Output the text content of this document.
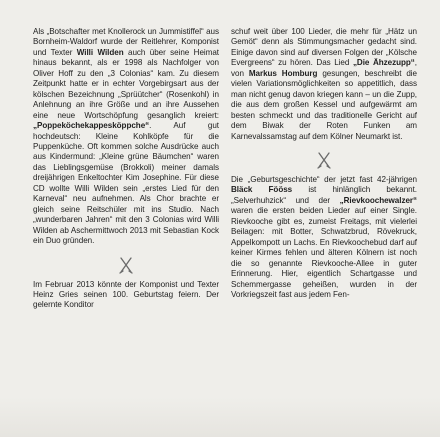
Als „Botschafter met Knollerock un Jummistiffel“ aus Bornheim-Waldorf wurde der Reitlehrer, Komponist und Texter Willi Wilden auch über seine Heimat hinaus bekannt, als er 1998 als Nachfolger von Oliver Hoff zu den „3 Colonias“ kam. Zu diesem Zeitpunkt hatte er in echter Vorgebirgsart aus der kölschen Bezeichnung „Sprüütcher“ (Rosenkohl) in Anlehnung an ihre Größe und an ihre Aussehen eine neue Wortschöpfung gesanglich kreiert: „Poppeköchekappesköppche“. Auf gut hochdeutsch: Kleine Kohlköpfe für die Puppenküche. Oft kommen solche Ausdrücke auch aus Kindermund: „Kleine grüne Bäumchen“ waren das Lieblingsgemüse (Brokkoli) meiner damals dreijährigen Enkeltochter Kim Josephine. Für diese CD wollte Willi Wilden sein „erstes Lied für den Karneval“ neu aufnehmen. Als Chor brachte er gleich seine Reitschüler mit ins Studio. Nach „wunderbaren Jahren“ mit den 3 Colonias wird Willi Wilden ab Aschermittwoch 2013 mit Sebastian Kock ein Duo gründen.

Im Februar 2013 könnte der Komponist und Texter Heinz Gries seinen 100. Geburtstag feiern. Der gelernte Konditor

schuf weit über 100 Lieder, die mehr für „Hätz un Gemöt“ denn als Stimmungsmacher gedacht sind. Einige davon sind auf diversen Folgen der „Kölsche Evergreens“ zu hören. Das Lied „Die Ähzezupp“, von Markus Homburg gesungen, beschreibt die vielen Variationsmöglichkeiten so appetitlich, dass man nicht genug davon kriegen kann – un die Zupp, die aus dem großen Kessel und aufgewärmt am besten schmeckt und das traditionelle Gericht auf dem Biwak der Roten Funken am Karnevalssamstag auf dem Kölner Neumarkt ist.

Die „Geburtsgeschichte“ der jetzt fast 42-jährigen Bläck Fööss ist hinlänglich bekannt. „Selverhuhzick“ und der „Rievkoochewalzer“ waren die ersten beiden Lieder auf einer Single. Rievkooche gibt es, zumeist Freitags, mit vielerlei Beilagen: mit Botter, Schwatzbrud, Rövekruck, Appelkompott un Lachs. En Rievkoochebud darf auf keiner Kirmes fehlen und älteren Kölnern ist noch die so genannte Rievkooche-Allee in guter Erinnerung. Hier, eigentlich Schartgasse und Schemmergasse geheißen, wurden in der Vorkriegszeit fast aus jedem Fen-
